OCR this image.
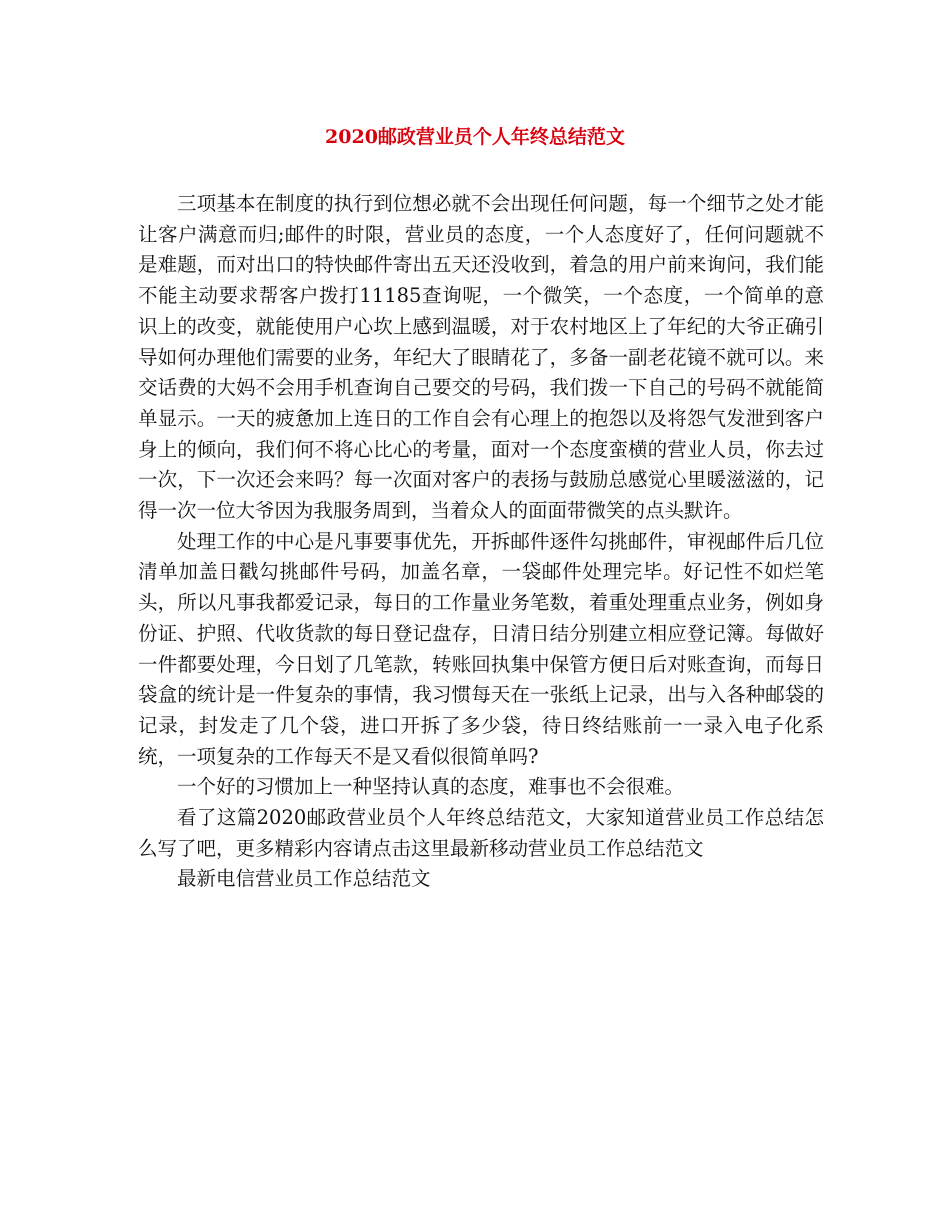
2020邮政营业员个人年终总结范文

三项基本在制度的执行到位想必就不会出现任何问题，每一个细节之处才能让客户满意而归;邮件的时限，营业员的态度，一个人态度好了，任何问题就不是难题，而对出口的特快邮件寄出五天还没收到，着急的用户前来询问，我们能不能主动要求帮客户拨打11185查询呢，一个微笑，一个态度，一个简单的意识上的改变，就能使用户心坎上感到温暖，对于农村地区上了年纪的大爷正确引导如何办理他们需要的业务，年纪大了眼睛花了，多备一副老花镜不就可以。来交话费的大妈不会用手机查询自己要交的号码，我们拨一下自己的号码不就能简单显示。一天的疲惫加上连日的工作自会有心理上的抱怨以及将怨气发泄到客户身上的倾向，我们何不将心比心的考量，面对一个态度蛮横的营业人员，你去过一次，下一次还会来吗？每一次面对客户的表扬与鼓励总感觉心里暖滋滋的，记得一次一位大爷因为我服务周到，当着众人的面面带微笑的点头默许。

处理工作的中心是凡事要事优先，开拆邮件逐件勾挑邮件，审视邮件后几位清单加盖日戳勾挑邮件号码，加盖名章，一袋邮件处理完毕。好记性不如烂笔头，所以凡事我都爱记录，每日的工作量业务笔数，着重处理重点业务，例如身份证、护照、代收货款的每日登记盘存，日清日结分别建立相应登记簿。每做好一件都要处理，今日划了几笔款，转账回执集中保管方便日后对账查询，而每日袋盒的统计是一件复杂的事情，我习惯每天在一张纸上记录，出与入各种邮袋的记录，封发走了几个袋，进口开拆了多少袋，待日终结账前一一录入电子化系统，一项复杂的工作每天不是又看似很简单吗?

一个好的习惯加上一种坚持认真的态度，难事也不会很难。

看了这篇2020邮政营业员个人年终总结范文，大家知道营业员工作总结怎么写了吧，更多精彩内容请点击这里最新移动营业员工作总结范文

最新电信营业员工作总结范文
